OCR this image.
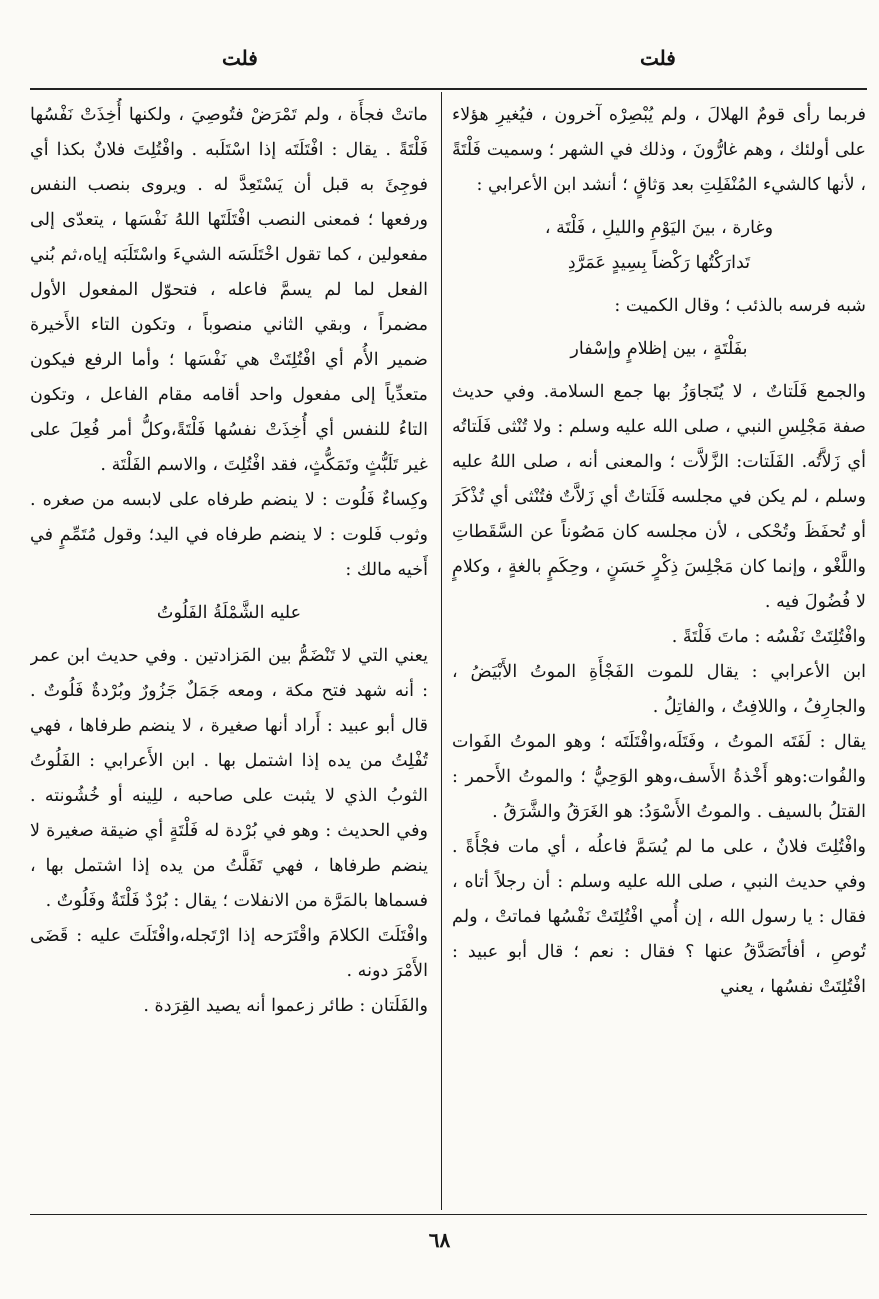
فلت
فلت

فربما رأى قومٌ الهلالَ ، ولم يُبْصِرْه آخرون ، فيُغيرِ هؤلاء على أولئك ، وهم غارُّونَ ، وذلك في الشهر ؛ وسميت فَلْتَةً ، لأنها كالشيء المُنْفَلِتِ بعد وَثاقٍ ؛ أنشد ابن الأعرابي :

وغارة ، بينَ اليَوْمِ والليلِ ، فَلْتَة ،

تَدارَكْتُها رَكْضاً بِسِيدٍ عَمَرَّدِ

شبه فرسه بالذئب ؛ وقال الكميت :

بفَلْتَةٍ ، بين إظلامٍ وإسْفار

والجمع فَلَتاتٌ ، لا يُتَجاوَزُ بها جمع السلامة. وفي حديث صفة مَجْلِسِ النبي ، صلى الله عليه وسلم : ولا تُنْثى فَلَتاتُه أي زَلاَّتُه. الفَلَتات: الزَّلاَّت ؛ والمعنى أنه ، صلى اللهُ عليه وسلم ، لم يكن في مجلسه فَلَتاتٌ أي زَلاَّتٌ فتُنْثى أي تُذْكَرَ أو تُحفَظَ وتُحْكى ، لأن مجلسه كان مَصُوناً عن السَّقَطاتِ واللَّغْو ، وإنما كان مَجْلِسَ ذِكْرٍ حَسَنٍ ، وحِكَمٍ بالغةٍ ، وكلامٍ لا فُضُولَ فيه .

وافْتُلِتَتْ نَفْسُه : ماتَ فَلْتَةً .

ابن الأعرابي : يقال للموت الفَجْأَةِ الموتُ الأَبْيَضُ ، والجارِفُ ، واللافِتُ ، والفاتِلُ .

يقال : لَفَتَه الموتُ ، وفَتَلَه،وافْتَلَتَه ؛ وهو الموتُ الفَوات والفُوات:وهو أَخْذةُ الأَسف،وهو الوَحِيُّ ؛ والموتُ الأَحمر : القتلُ بالسيف . والموتُ الأَسْوَدُ: هو الغَرَقُ والشَّرَقُ .

وافْتُلِتَ فلانٌ ، على ما لم يُسَمَّ فاعلُه ، أي مات فجْأَةً . وفي حديث النبي ، صلى الله عليه وسلم : أن رجلاً أتاه ، فقال : يا رسول الله ، إن أُمي افْتُلِتَتْ نَفْسُها فماتتْ ، ولم تُوصِ ، أفأتَصَدَّقُ عنها ؟ فقال : نعم ؛ قال أبو عبيد : افْتُلِتَتْ نفسُها ، يعني

ماتتْ فجأَة ، ولم تَمْرَضْ فتُوصِيَ ، ولكنها أُخِذَتْ نَفْسُها فَلْتَةً . يقال : افْتَلَتَه إذا اسْتَلَبه . وافْتُلِتَ فلانٌ بكذا أي فوجِئَ به قبل أن يَسْتَعِدَّ له . ويروى بنصب النفس ورفعها ؛ فمعنى النصب افْتَلَتَها اللهُ نَفْسَها ، يتعدّى إلى مفعولين ، كما تقول اخْتَلَسَه الشيءَ واسْتَلَبَه إياه،ثم بُني الفعل لما لم يسمَّ فاعله ، فتحوّل المفعول الأول مضمراً ، وبقي الثاني منصوباً ، وتكون التاء الأَخيرة ضمير الأُم أي افْتُلِتَتْ هي نَفْسَها ؛ وأما الرفع فيكون متعدِّياً إلى مفعول واحد أقامه مقام الفاعل ، وتكون التاءُ للنفس أي أُخِذَتْ نفسُها فَلْتَةً،وكلُّ أمر فُعِلَ على غير تَلَبُّثٍ وتَمَكُّثٍ، فقد افْتُلِتَ ، والاسم الفَلْتَة .

وكِساءٌ فَلُوت : لا ينضم طرفاه على لابسه من صغره . وثوب فَلوت : لا ينضم طرفاه في اليد؛ وقول مُتَمِّمٍ في أَخيه مالك :

عليه الشَّمْلَةُ الفَلُوتُ

يعني التي لا تَنْضَمُّ بين المَزادتين . وفي حديث ابن عمر : أنه شهد فتح مكة ، ومعه جَمَلٌ جَزُورٌ وبُرْدةٌ فَلُوتٌ . قال أبو عبيد : أَراد أنها صغيرة ، لا ينضم طرفاها ، فهي تُفْلِتُ من يده إذا اشتمل بها . ابن الأَعرابي : الفَلُوتُ الثوبُ الذي لا يثبت على صاحبه ، للِينه أو خُشُونته . وفي الحديث : وهو في بُرْدة له فَلْتَةٍ أي ضيقة صغيرة لا ينضم طرفاها ، فهي تَفَلَّتُ من يده إذا اشتمل بها ، فسماها بالمَرَّة من الانفلات ؛ يقال : بُرْدٌ فَلْتَةٌ وفَلُوتٌ .

وافْتَلَتَ الكلامَ واقْتَرَحه إذا ارْتَجله،وافْتَلَتَ عليه : قَضَى الأَمْرَ دونه .

والفَلَتان : طائر زعموا أنه يصيد القِرَدة .

٦٨
